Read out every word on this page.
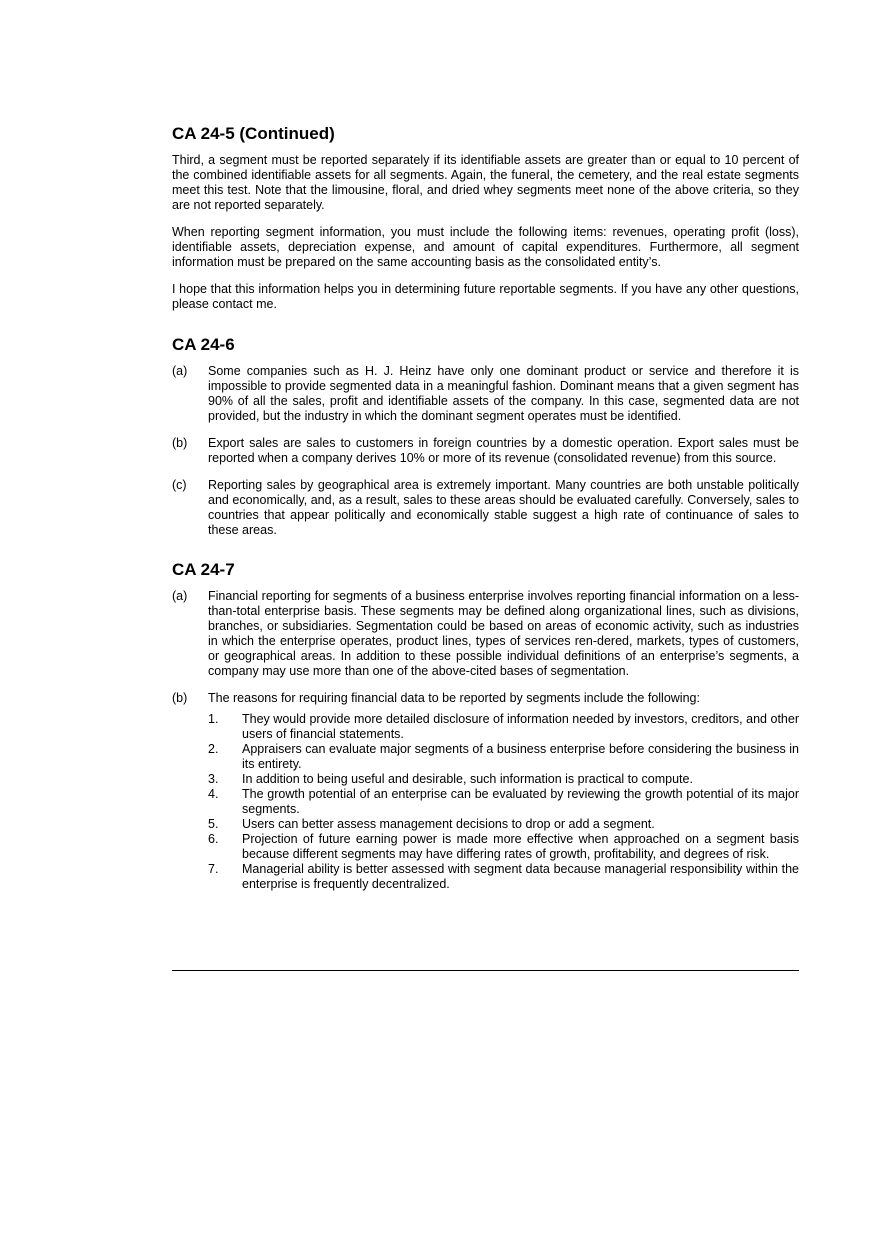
CA 24-5 (Continued)

Third, a segment must be reported separately if its identifiable assets are greater than or equal to 10 percent of the combined identifiable assets for all segments. Again, the funeral, the cemetery, and the real estate segments meet this test. Note that the limousine, floral, and dried whey segments meet none of the above criteria, so they are not reported separately.

When reporting segment information, you must include the following items: revenues, operating profit (loss), identifiable assets, depreciation expense, and amount of capital expenditures. Furthermore, all segment information must be prepared on the same accounting basis as the consolidated entity’s.

I hope that this information helps you in determining future reportable segments. If you have any other questions, please contact me.

CA 24-6
(a)	Some companies such as H. J. Heinz have only one dominant product or service and therefore it is impossible to provide segmented data in a meaningful fashion. Dominant means that a given segment has 90% of all the sales, profit and identifiable assets of the company. In this case, segmented data are not provided, but the industry in which the dominant segment operates must be identified.
(b)	Export sales are sales to customers in foreign countries by a domestic operation. Export sales must be reported when a company derives 10% or more of its revenue (consolidated revenue) from this source.
(c)	Reporting sales by geographical area is extremely important. Many countries are both unstable politically and economically, and, as a result, sales to these areas should be evaluated carefully. Conversely, sales to countries that appear politically and economically stable suggest a high rate of continuance of sales to these areas.
CA 24-7
(a)	Financial reporting for segments of a business enterprise involves reporting financial information on a less-than-total enterprise basis. These segments may be defined along organizational lines, such as divisions, branches, or subsidiaries. Segmentation could be based on areas of economic activity, such as industries in which the enterprise operates, product lines, types of services ren-dered, markets, types of customers, or geographical areas. In addition to these possible individual definitions of an enterprise’s segments, a company may use more than one of the above-cited bases of segmentation.
(b)	The reasons for requiring financial data to be reported by segments include the following:
1.	They would provide more detailed disclosure of information needed by investors, creditors, and other users of financial statements.
2.	Appraisers can evaluate major segments of a business enterprise before considering the business in its entirety.
3.	In addition to being useful and desirable, such information is practical to compute.
4.	The growth potential of an enterprise can be evaluated by reviewing the growth potential of its major segments.
5.	Users can better assess management decisions to drop or add a segment.
6.	Projection of future earning power is made more effective when approached on a segment basis because different segments may have differing rates of growth, profitability, and degrees of risk.
7.	Managerial ability is better assessed with segment data because managerial responsibility within the enterprise is frequently decentralized.
